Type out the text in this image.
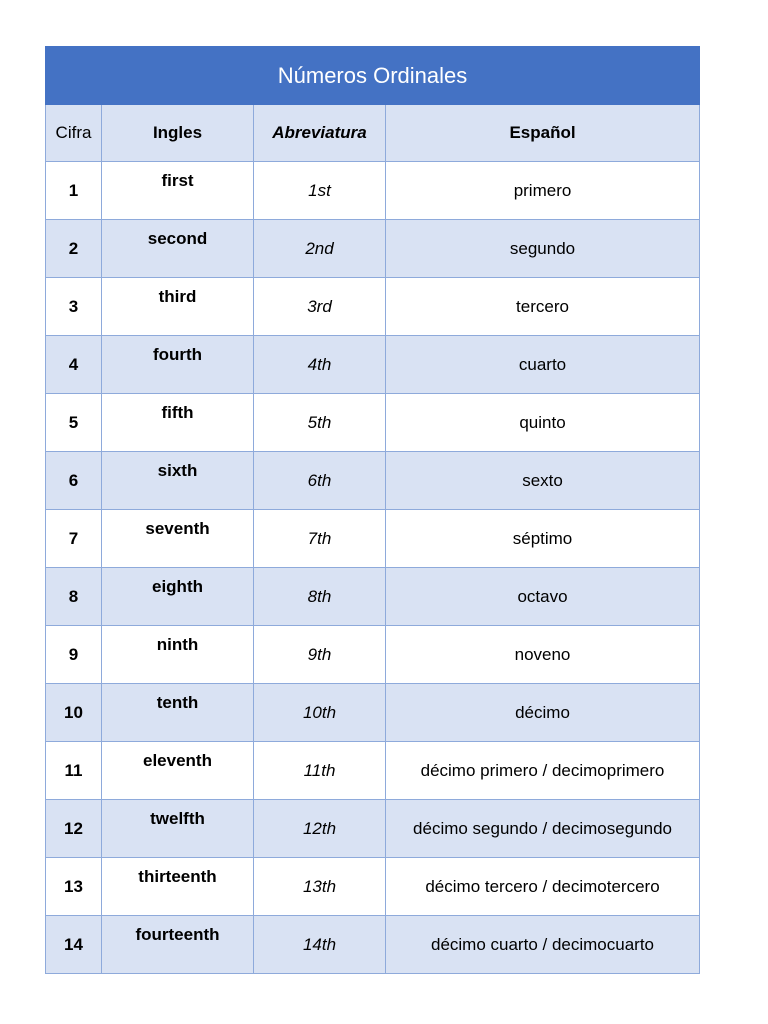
Números Ordinales			
Cifra	Ingles	Abreviatura	Español
1	first	1st	primero
2	second	2nd	segundo
3	third	3rd	tercero
4	fourth	4th	cuarto
5	fifth	5th	quinto
6	sixth	6th	sexto
7	seventh	7th	séptimo
8	eighth	8th	octavo
9	ninth	9th	noveno
10	tenth	10th	décimo
11	eleventh	11th	décimo primero / decimoprimero
12	twelfth	12th	décimo segundo / decimosegundo
13	thirteenth	13th	décimo tercero / decimotercero
14	fourteenth	14th	décimo cuarto / decimocuarto
